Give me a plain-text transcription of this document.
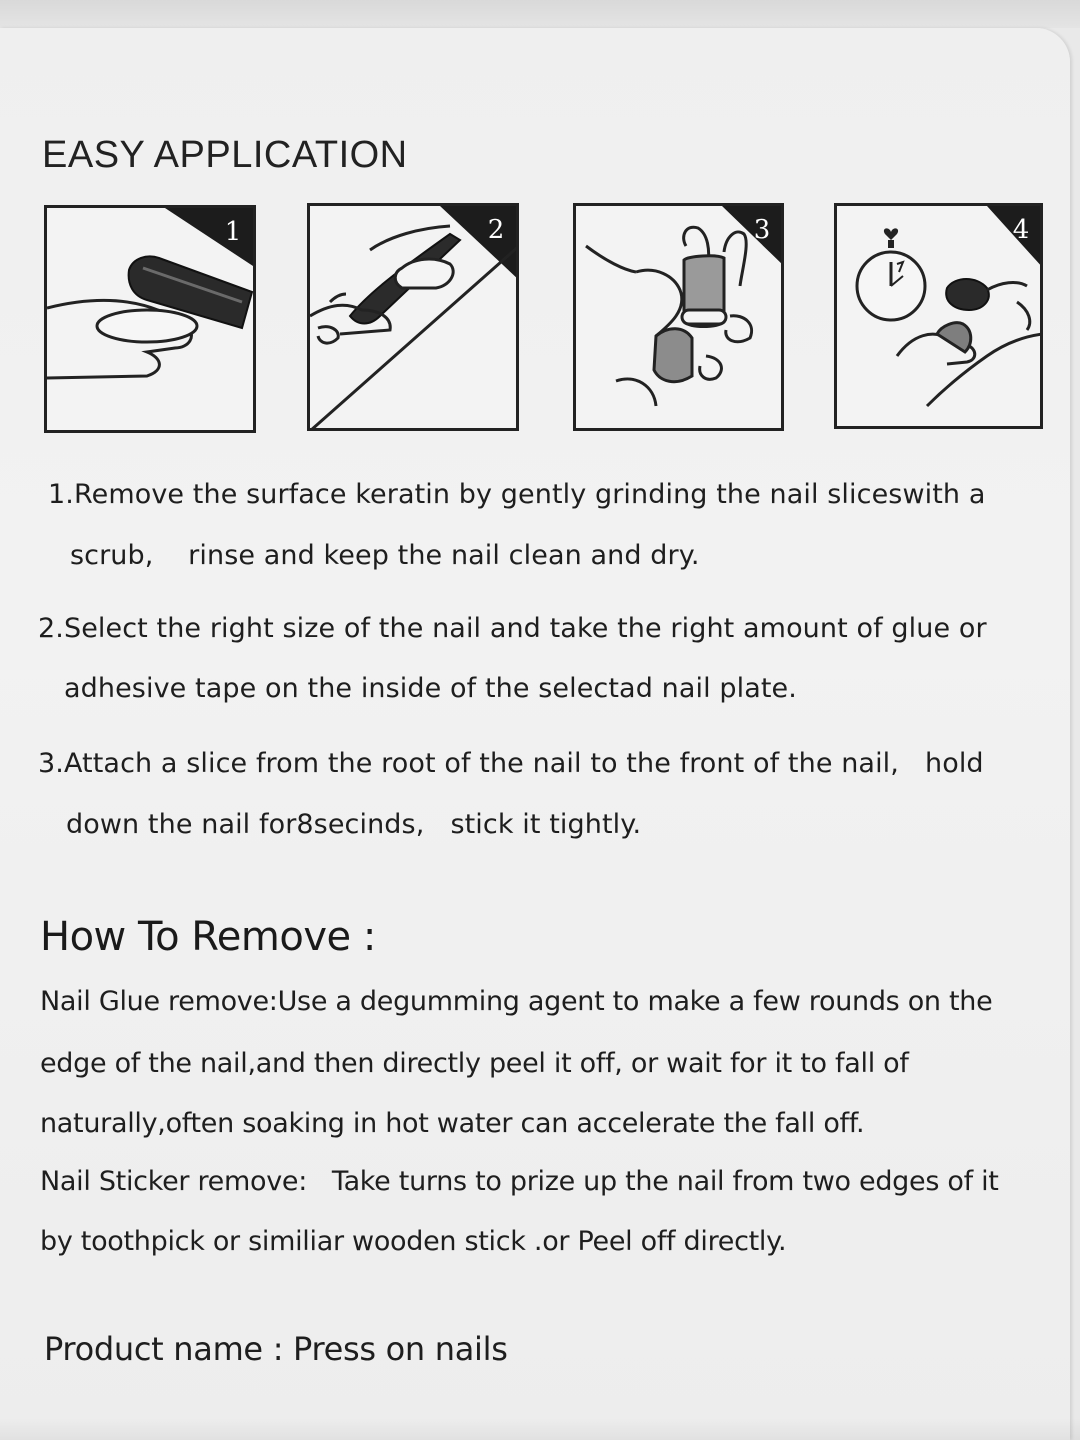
EASY APPLICATION
1	2	3	4

1.Remove the surface keratin by gently grinding the nail sliceswith a

scrub,    rinse and keep the nail clean and dry.

2.Select the right size of the nail and take the right amount of glue or

adhesive tape on the inside of the selectad nail plate.

3.Attach a slice from the root of the nail to the front of the nail,   hold

down the nail for8secinds,   stick it tightly.

How To Remove :

Nail Glue remove:Use a degumming agent to make a few rounds on the

edge of the nail,and then directly peel it off, or wait for it to fall of

naturally,often soaking in hot water can accelerate the fall off.

Nail Sticker remove:   Take turns to prize up the nail from two edges of it

by toothpick or similiar wooden stick .or Peel off directly.

Product name : Press on nails
